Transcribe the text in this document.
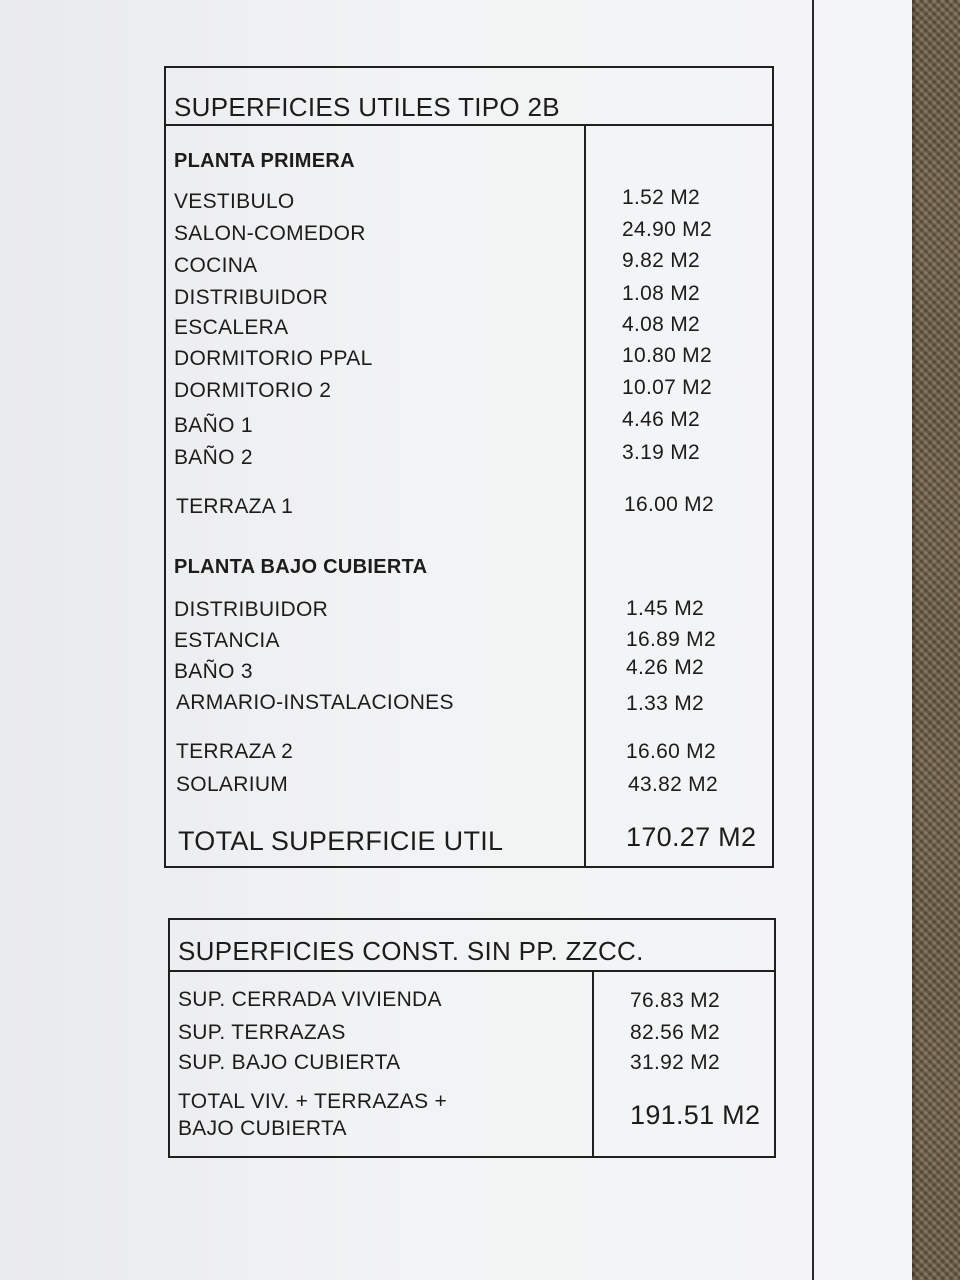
SUPERFICIES UTILES TIPO 2B
PLANTA PRIMERA
VESTIBULO	1.52 M2
SALON-COMEDOR	24.90 M2
COCINA	9.82 M2
DISTRIBUIDOR	1.08 M2
ESCALERA	4.08 M2
DORMITORIO PPAL	10.80 M2
DORMITORIO 2	10.07 M2
BAÑO 1	4.46 M2
BAÑO 2	3.19 M2
TERRAZA 1	16.00 M2
PLANTA BAJO CUBIERTA
DISTRIBUIDOR	1.45 M2
ESTANCIA	16.89 M2
BAÑO 3	4.26 M2
ARMARIO-INSTALACIONES	1.33 M2
TERRAZA 2	16.60 M2
SOLARIUM	43.82 M2
TOTAL SUPERFICIE UTIL	170.27 M2
SUPERFICIES CONST. SIN PP. ZZCC.
SUP. CERRADA VIVIENDA	76.83 M2
SUP. TERRAZAS	82.56 M2
SUP. BAJO CUBIERTA	31.92 M2
TOTAL VIV. + TERRAZAS +
BAJO CUBIERTA	191.51 M2
